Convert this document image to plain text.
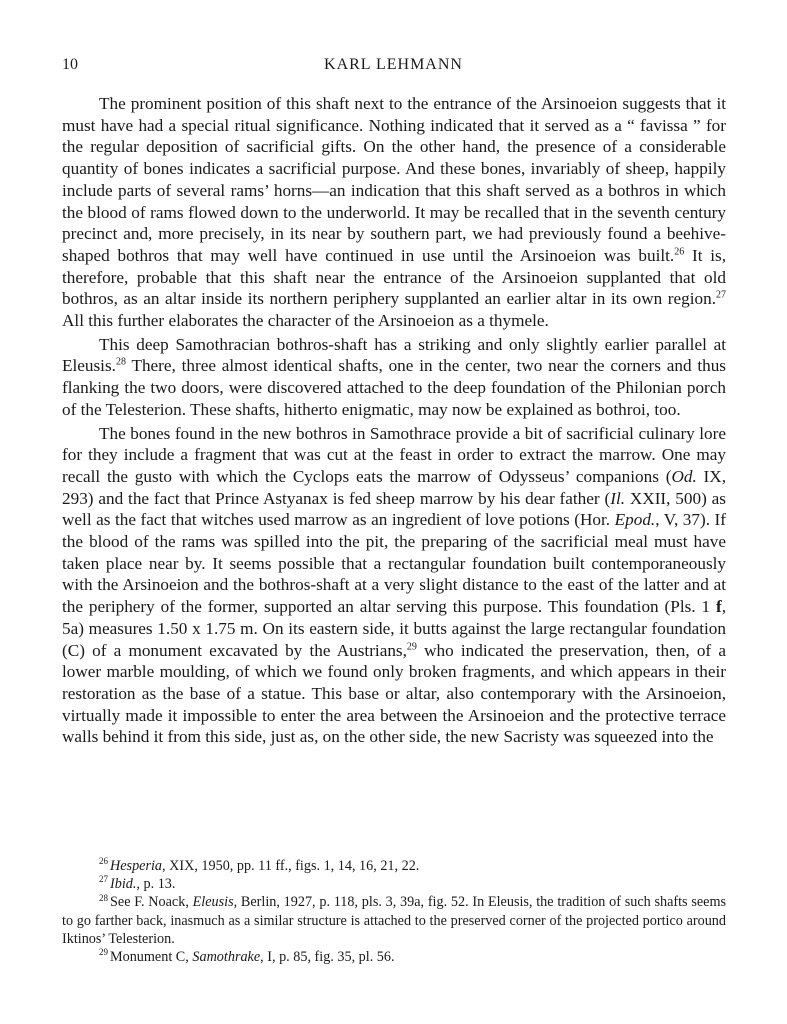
10	KARL LEHMANN

The prominent position of this shaft next to the entrance of the Arsinoeion suggests that it must have had a special ritual significance. Nothing indicated that it served as a “ favissa ” for the regular deposition of sacrificial gifts. On the other hand, the presence of a considerable quantity of bones indicates a sacrificial purpose. And these bones, invariably of sheep, happily include parts of several rams’ horns—an indication that this shaft served as a bothros in which the blood of rams flowed down to the underworld. It may be recalled that in the seventh century precinct and, more precisely, in its near by southern part, we had previously found a beehive-shaped bothros that may well have continued in use until the Arsinoeion was built.$^{26}$ It is, therefore, probable that this shaft near the entrance of the Arsinoeion supplanted that old bothros, as an altar inside its northern periphery supplanted an earlier altar in its own region.$^{27}$ All this further elaborates the character of the Arsinoeion as a thymele.

This deep Samothracian bothros-shaft has a striking and only slightly earlier parallel at Eleusis.$^{28}$ There, three almost identical shafts, one in the center, two near the corners and thus flanking the two doors, were discovered attached to the deep foundation of the Philonian porch of the Telesterion. These shafts, hitherto enigmatic, may now be explained as bothroi, too.

The bones found in the new bothros in Samothrace provide a bit of sacrificial culinary lore for they include a fragment that was cut at the feast in order to extract the marrow. One may recall the gusto with which the Cyclops eats the marrow of Odysseus’ companions (Od. IX, 293) and the fact that Prince Astyanax is fed sheep marrow by his dear father (Il. XXII, 500) as well as the fact that witches used marrow as an ingredient of love potions (Hor. Epod., V, 37). If the blood of the rams was spilled into the pit, the preparing of the sacrificial meal must have taken place near by. It seems possible that a rectangular foundation built contemporaneously with the Arsinoeion and the bothros-shaft at a very slight distance to the east of the latter and at the periphery of the former, supported an altar serving this purpose. This foundation (Pls. 1 f, 5a) measures 1.50 x 1.75 m. On its eastern side, it butts against the large rectangular foundation (C) of a monument excavated by the Austrians,$^{29}$ who indicated the preservation, then, of a lower marble moulding, of which we found only broken fragments, and which appears in their restoration as the base of a statue. This base or altar, also contemporary with the Arsinoeion, virtually made it impossible to enter the area between the Arsinoeion and the protective terrace walls behind it from this side, just as, on the other side, the new Sacristy was squeezed into the

$^{26}$ Hesperia, XIX, 1950, pp. 11 ff., figs. 1, 14, 16, 21, 22.

$^{27}$ Ibid., p. 13.

$^{28}$ See F. Noack, Eleusis, Berlin, 1927, p. 118, pls. 3, 39a, fig. 52. In Eleusis, the tradition of such shafts seems to go farther back, inasmuch as a similar structure is attached to the preserved corner of the projected portico around Iktinos’ Telesterion.

$^{29}$ Monument C, Samothrake, I, p. 85, fig. 35, pl. 56.
